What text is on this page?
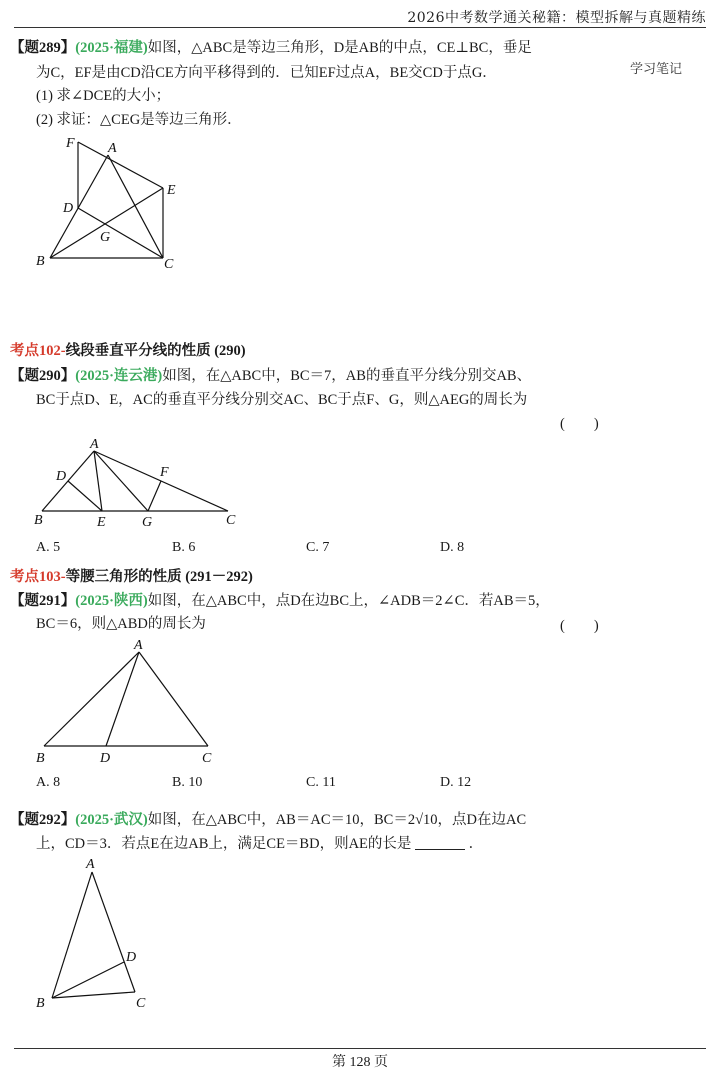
2026中考数学通关秘籍：模型拆解与真题精练
学习笔记
【题289】(2025·福建)如图，△ABC是等边三角形，D是AB的中点，CE⊥BC，垂足
为C，EF是由CD沿CE方向平移得到的．已知EF过点A，BE交CD于点G．
(1) 求∠DCE的大小；
(2) 求证：△CEG是等边三角形．
F A
E
D
G
B	C
考点102-线段垂直平分线的性质 (290)
【题290】(2025·连云港)如图，在△ABC中，BC＝7，AB的垂直平分线分别交AB、
BC于点D、E，AC的垂直平分线分别交AC、BC于点F、G，则△AEG的周长为
(　　)
A
D	F
B	E	G	C
A. 5	B. 6	C. 7	D. 8
考点103-等腰三角形的性质 (291－292)
【题291】(2025·陕西)如图，在△ABC中，点D在边BC上，∠ADB＝2∠C．若AB＝5，
BC＝6，则△ABD的周长为	(　　)
A
B	D	C
A. 8	B. 10	C. 11	D. 12
【题292】(2025·武汉)如图，在△ABC中，AB＝AC＝10，BC＝2√10，点D在边AC
上，CD＝3．若点E在边AB上，满足CE＝BD，则AE的长是	．
A
D
B	C
第 128 页
